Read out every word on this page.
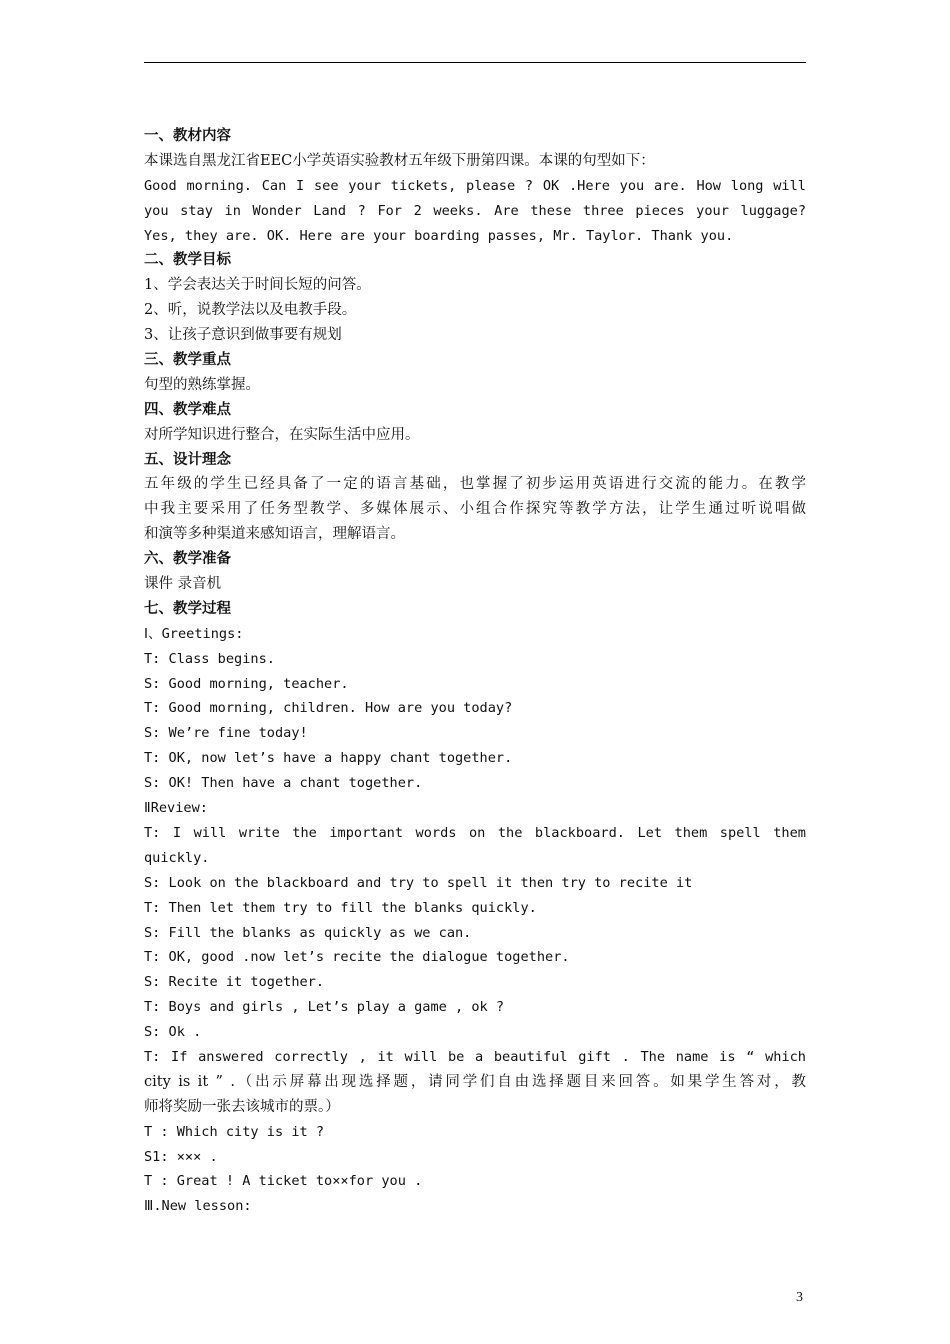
一、教材内容
本课选自黑龙江省EEC小学英语实验教材五年级下册第四课。本课的句型如下：
Good morning. Can I see your tickets, please ? OK .Here you are. How long will
you stay in Wonder Land ? For 2 weeks. Are these three pieces your luggage?
Yes, they are. OK. Here are your boarding passes, Mr. Taylor. Thank you.
二、教学目标
1、学会表达关于时间长短的问答。
2、听，说教学法以及电教手段。
3、让孩子意识到做事要有规划
三、教学重点
句型的熟练掌握。
四、教学难点
对所学知识进行整合，在实际生活中应用。
五、设计理念
五年级的学生已经具备了一定的语言基础，也掌握了初步运用英语进行交流的能力。在教学
中我主要采用了任务型教学、多媒体展示、小组合作探究等教学方法，让学生通过听说唱做
和演等多种渠道来感知语言，理解语言。
六、教学准备
课件 录音机
七、教学过程
Ⅰ、Greetings:
T: Class begins.
S: Good morning, teacher.
T: Good morning, children. How are you today?
S: We’re fine today!
T: OK, now let’s have a happy chant together.
S: OK! Then have a chant together.
ⅡReview:
T: I will write the important words on the blackboard. Let them spell them
quickly.
S: Look on the blackboard and try to spell it then try to recite it
T: Then let them try to fill the blanks quickly.
S: Fill the blanks as quickly as we can.
T: OK, good .now let’s recite the dialogue together.
S: Recite it together.
T: Boys and girls , Let’s play a game , ok ?
S: Ok .
T: If answered correctly , it will be a beautiful gift . The name is “ which
city is it ” .（出示屏幕出现选择题，请同学们自由选择题目来回答。如果学生答对，教
师将奖励一张去该城市的票。）
T : Which city is it ?
S1: ××× .
T : Great ! A ticket to××for you .
Ⅲ.New lesson:
3
